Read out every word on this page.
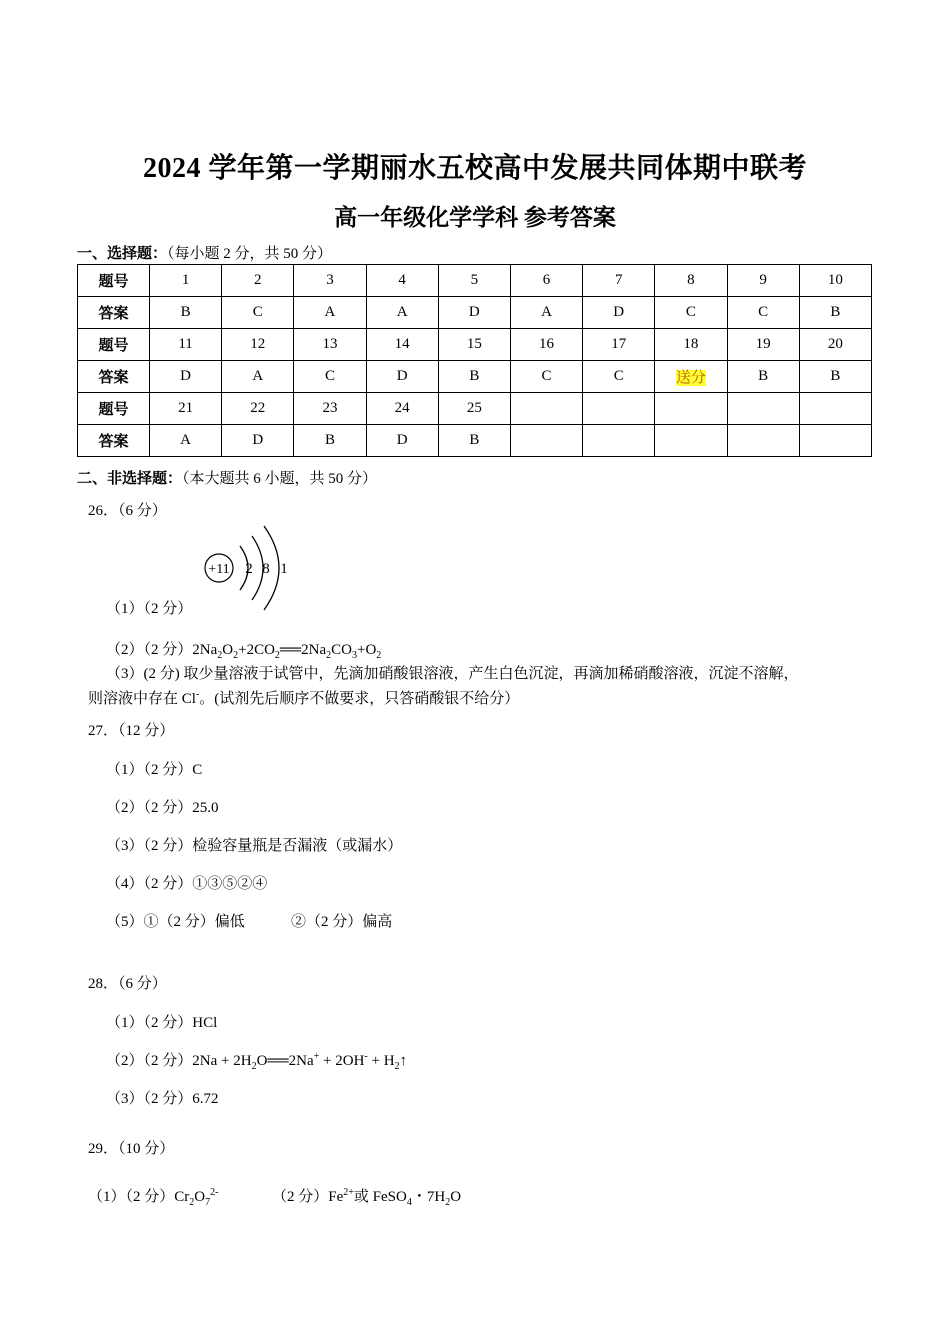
2024 学年第一学期丽水五校高中发展共同体期中联考
高一年级化学学科 参考答案
一、选择题：（每小题 2 分，共 50 分）
题号	1	2	3	4	5	6	7	8	9	10
答案	B	C	A	A	D	A	D	C	C	B
题号	11	12	13	14	15	16	17	18	19	20
答案	D	A	C	D	B	C	C	送分	B	B
题号	21	22	23	24	25					
答案	A	D	B	D	B					
二、非选择题：（本大题共 6 小题，共 50 分）
26．（6 分）
+11 2 8 1
（1）（2 分）
（2）（2 分）$2Na_2O_2+2CO_2══2Na_2CO_3+O_2$
（3）(2 分) 取少量溶液于试管中，先滴加硝酸银溶液，产生白色沉淀，再滴加稀硝酸溶液，沉淀不溶解，
则溶液中存在 Cl-。(试剂先后顺序不做要求，只答硝酸银不给分）
27．（12 分）
（1）（2 分）C
（2）（2 分）25.0
（3）（2 分）检验容量瓶是否漏液（或漏水）
（4）（2 分）①③⑤②④
（5）①（2 分）偏低	②（2 分）偏高
28．（6 分）
（1）（2 分）HCl
（2）（2 分）$2Na + 2H_2O══2Na^+ + 2OH^-$ + $H_2↑$
（3）（2 分）6.72
29．（10 分）
（1）（2 分）$Cr_2O_7^{2-}$	（2 分）$Fe^{2+}$或 FeSO$_4$・$7H_2O$
